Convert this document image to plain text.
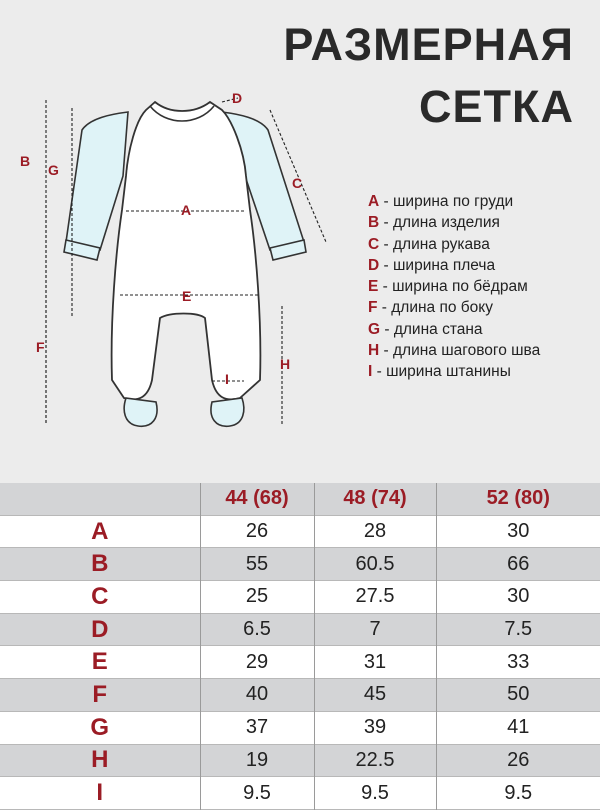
РАЗМЕРНАЯ
СЕТКА
A
B
C
D
E
F
G
H
I
A - ширина по груди
B - длина изделия
C - длина рукава
D - ширина плеча
E - ширина по бёдрам
F - длина по боку
G - длина стана
H - длина шагового шва
I - ширина штанины
	44 (68)	48 (74)	52 (80)
A	26	28	30
B	55	60.5	66
C	25	27.5	30
D	6.5	7	7.5
E	29	31	33
F	40	45	50
G	37	39	41
H	19	22.5	26
I	9.5	9.5	9.5
